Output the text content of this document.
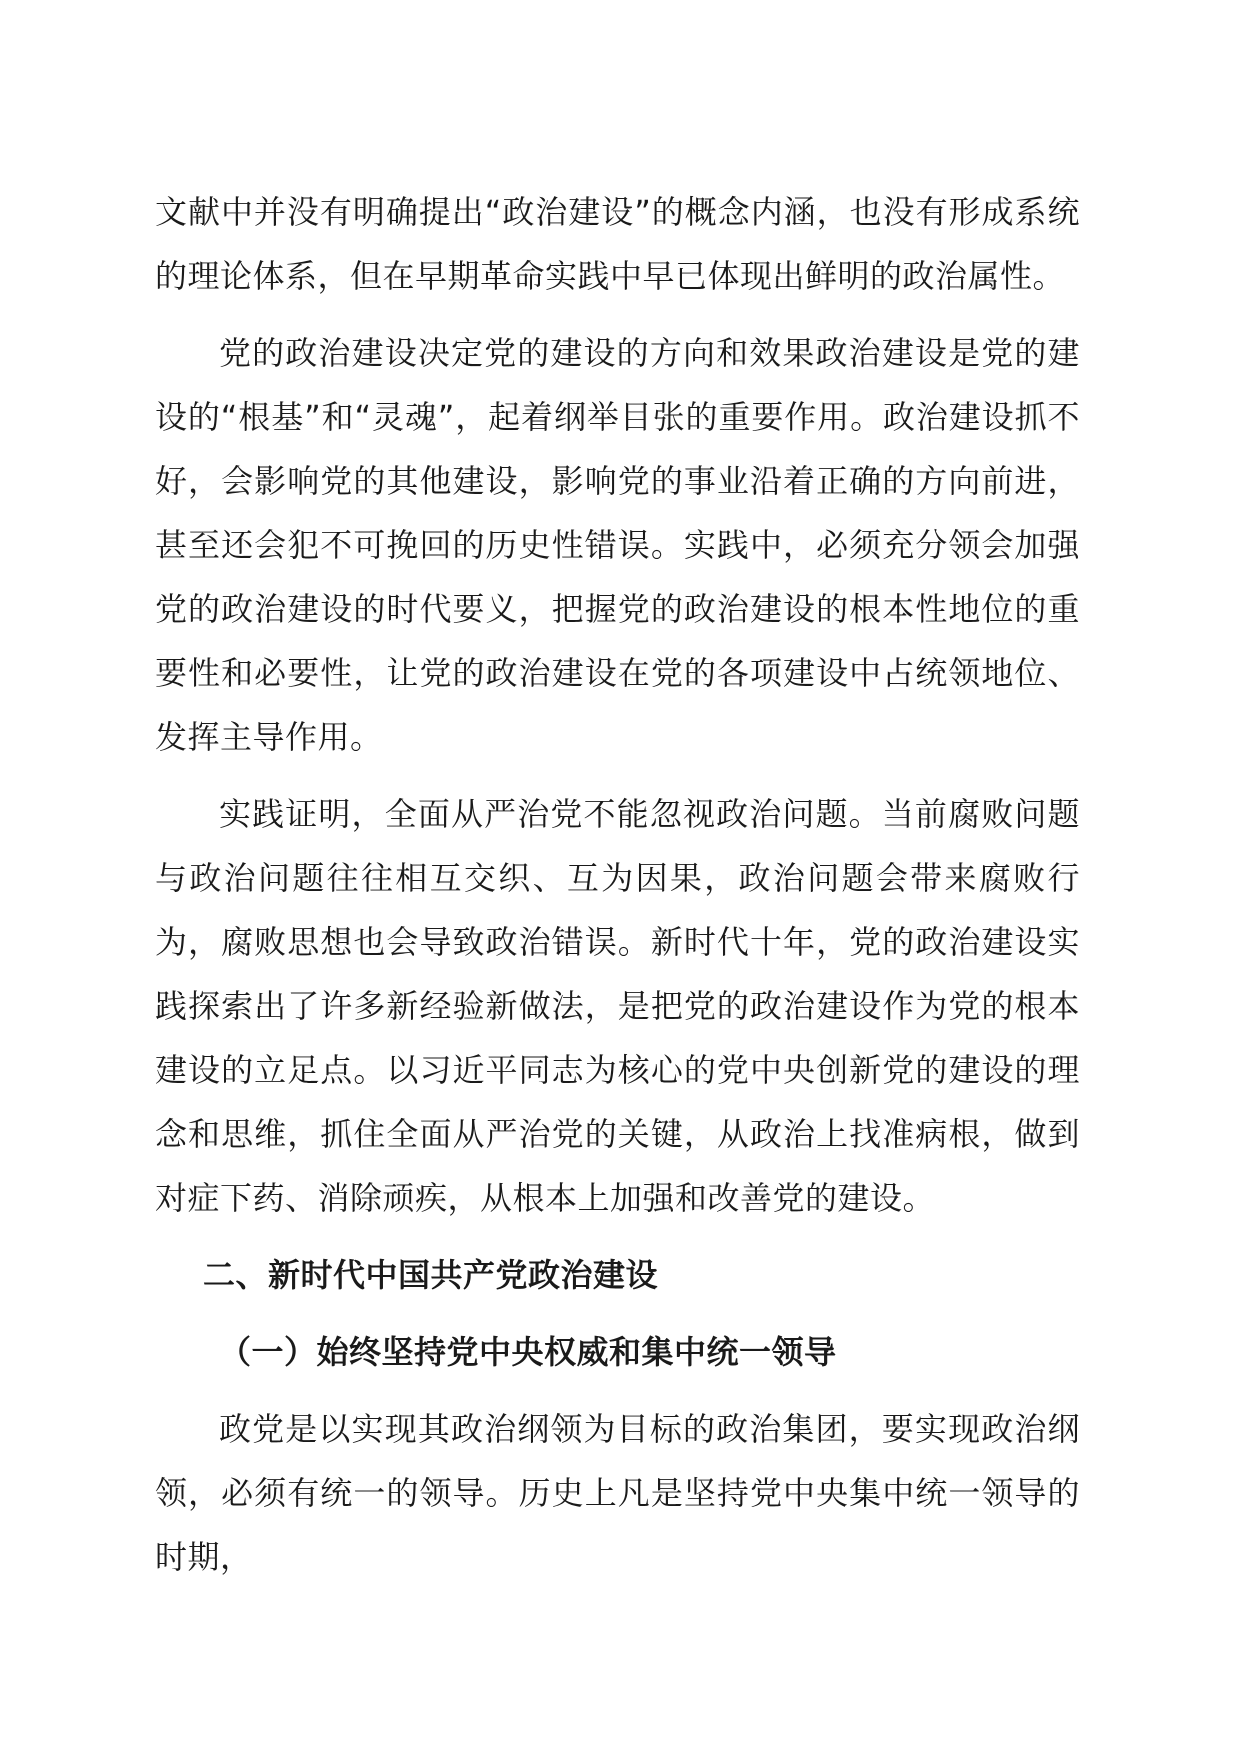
文献中并没有明确提出“政治建设”的概念内涵，也没有形成系统的理论体系，但在早期革命实践中早已体现出鲜明的政治属性。

党的政治建设决定党的建设的方向和效果政治建设是党的建设的“根基”和“灵魂”，起着纲举目张的重要作用。政治建设抓不好，会影响党的其他建设，影响党的事业沿着正确的方向前进，甚至还会犯不可挽回的历史性错误。实践中，必须充分领会加强党的政治建设的时代要义，把握党的政治建设的根本性地位的重要性和必要性，让党的政治建设在党的各项建设中占统领地位、发挥主导作用。

实践证明，全面从严治党不能忽视政治问题。当前腐败问题与政治问题往往相互交织、互为因果，政治问题会带来腐败行为，腐败思想也会导致政治错误。新时代十年，党的政治建设实践探索出了许多新经验新做法，是把党的政治建设作为党的根本建设的立足点。以习近平同志为核心的党中央创新党的建设的理念和思维，抓住全面从严治党的关键，从政治上找准病根，做到对症下药、消除顽疾，从根本上加强和改善党的建设。

二、新时代中国共产党政治建设
（一）始终坚持党中央权威和集中统一领导

政党是以实现其政治纲领为目标的政治集团，要实现政治纲领，必须有统一的领导。历史上凡是坚持党中央集中统一领导的时期，
